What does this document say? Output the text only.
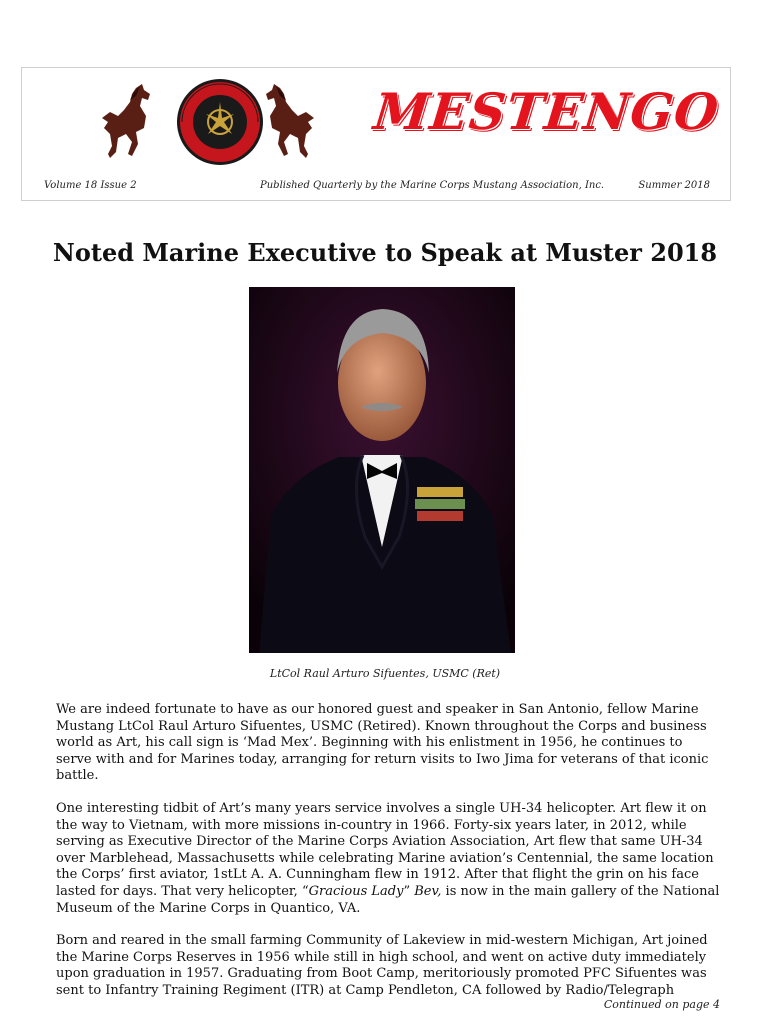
MESTENGO
Volume 18 Issue 2	Published Quarterly by the Marine Corps Mustang Association, Inc.	Summer 2018
Noted Marine Executive to Speak at Muster 2018
LtCol Raul Arturo Sifuentes, USMC (Ret)

We are indeed fortunate to have as our honored guest and speaker in San Antonio, fellow Marine Mustang LtCol Raul Arturo Sifuentes, USMC (Retired). Known throughout the Corps and business world as Art, his call sign is ‘Mad Mex’. Beginning with his enlistment in 1956, he continues to serve with and for Marines today, arranging for return visits to Iwo Jima for veterans of that iconic battle.

One interesting tidbit of Art’s many years service involves a single UH-34 helicopter. Art flew it on the way to Vietnam, with more missions in-country in 1966. Forty-six years later, in 2012, while serving as Executive Director of the Marine Corps Aviation Association, Art flew that same UH-34 over Marblehead, Massachusetts while celebrating Marine aviation’s Centennial, the same location the Corps’ first aviator, 1stLt A. A. Cunningham flew in 1912. After that flight the grin on his face lasted for days. That very helicopter, “Gracious Lady” Bev, is now in the main gallery of the National Museum of the Marine Corps in Quantico, VA.

Born and reared in the small farming Community of Lakeview in mid-western Michigan, Art joined the Marine Corps Reserves in 1956 while still in high school, and went on active duty immediately upon graduation in 1957. Graduating from Boot Camp, meritoriously promoted PFC Sifuentes was sent to Infantry Training Regiment (ITR) at Camp Pendleton, CA followed by Radio/Telegraph

Continued on page 4
